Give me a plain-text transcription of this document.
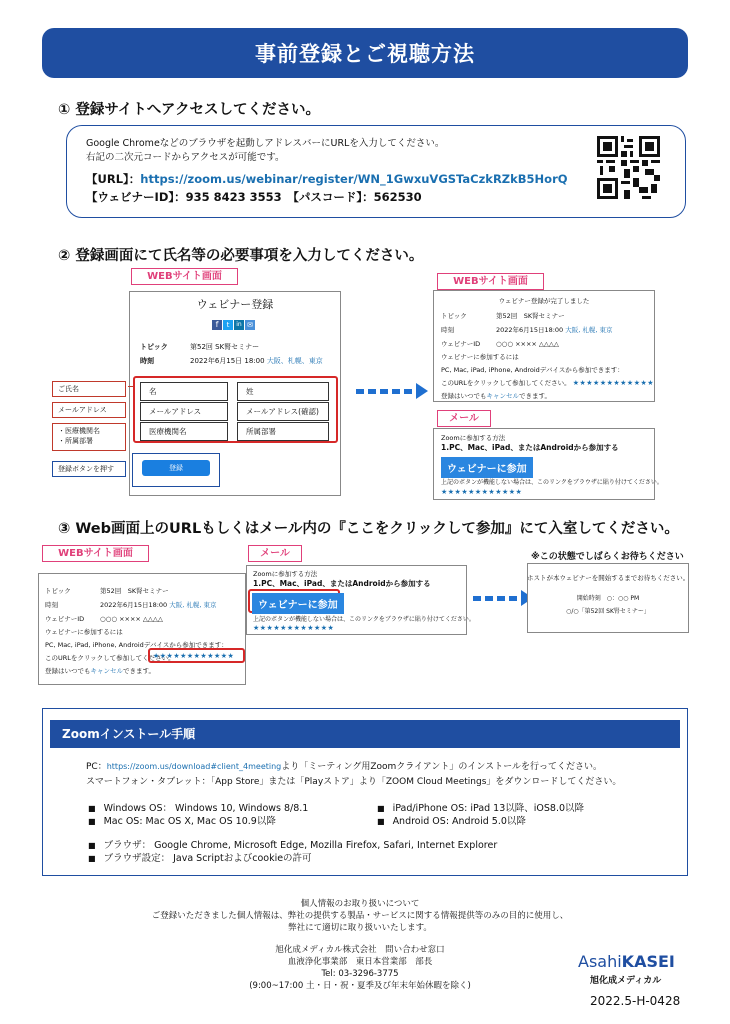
事前登録とご視聴方法
① 登録サイトへアクセスしてください。
Google Chromeなどのブラウザを起動しアドレスバーにURLを入力してください。
右記の二次元コードからアクセスが可能です。
【URL】：https://zoom.us/webinar/register/WN_1GwxuVGSTaCzkRZkB5HorQ
【ウェビナーID】：935 8423 3553　【パスコード】：562530
② 登録画面にて氏名等の必要事項を入力してください。
WEBサイト画面
ウェビナー登録
f	t	in ✉
トピック	第52回 SK腎セミナー
時刻	2022年6月15日 18:00 大阪、札幌、東京
名	姓
メールアドレス	メールアドレス(確認)
医療機関名	所属部署
登録
ご氏名
メールアドレス
・医療機関名
・所属部署
登録ボタンを押す
WEBサイト画面
ウェビナー登録が完了しました
トピック	第52回　SK腎セミナー
時刻	2022年6月15日18:00 大阪, 札幌, 東京
ウェビナーID ○○○ ×××× △△△△
ウェビナーに参加するには
PC, Mac, iPad, iPhone, Androidデバイスから参加できます：
このURLをクリックして参加してください。 ★★★★★★★★★★★★
登録はいつでもキャンセルできます。
メール
Zoomに参加する方法
1.PC、Mac、iPad、またはAndroidから参加する
ウェビナーに参加
上記のボタンが機能しない場合は、このリンクをブラウザに貼り付けてください。
★★★★★★★★★★★★
③ Web画面上のURLもしくはメール内の『ここをクリックして参加』にて入室してください。
WEBサイト画面
トピック	第52回　SK腎セミナー
時刻	2022年6月15日18:00 大阪, 札幌, 東京
ウェビナーID ○○○ ×××× △△△△
ウェビナーに参加するには
PC, Mac, iPad, iPhone, Androidデバイスから参加できます：
このURLをクリックして参加してください。
★★★★★★★★★★★★
登録はいつでもキャンセルできます。
メール
Zoomに参加する方法
1.PC、Mac、iPad、またはAndroidから参加する
ウェビナーに参加
上記のボタンが機能しない場合は、このリンクをブラウザに貼り付けてください。
★★★★★★★★★★★★
※この状態でしばらくお待ちください
ホストが本ウェビナーを開始するまでお待ちください。
開始時刻　○：○○ PM
○/○「第52回 SK腎セミナー」
Zoomインストール手順
PC：https://zoom.us/download#client_4meetingより「ミーティング用Zoomクライアント」のインストールを行ってください。
スマートフォン・タブレット：「App Store」または「Playストア」より「ZOOM Cloud Meetings」をダウンロードしてください。
■ Windows OS： Windows 10, Windows 8/8.1
■ Mac OS: Mac OS X, Mac OS 10.9以降
■ iPad/iPhone OS: iPad 13以降、iOS8.0以降
■ Android OS: Android 5.0以降
■ ブラウザ： Google Chrome, Microsoft Edge, Mozilla Firefox, Safari, Internet Explorer
■ ブラウザ設定： Java Scriptおよびcookieの許可
個人情報のお取り扱いについて
ご登録いただきました個人情報は、弊社の提供する製品・サービスに関する情報提供等のみの目的に使用し、
弊社にて適切に取り扱いいたします。
旭化成メディカル株式会社　問い合わせ窓口
血液浄化事業部　東日本営業部　部長
Tel: 03-3296-3775
(9:00~17:00 土・日・祝・夏季及び年末年始休暇を除く)
AsahiKASEI
旭化成メディカル
2022.5-H-0428
